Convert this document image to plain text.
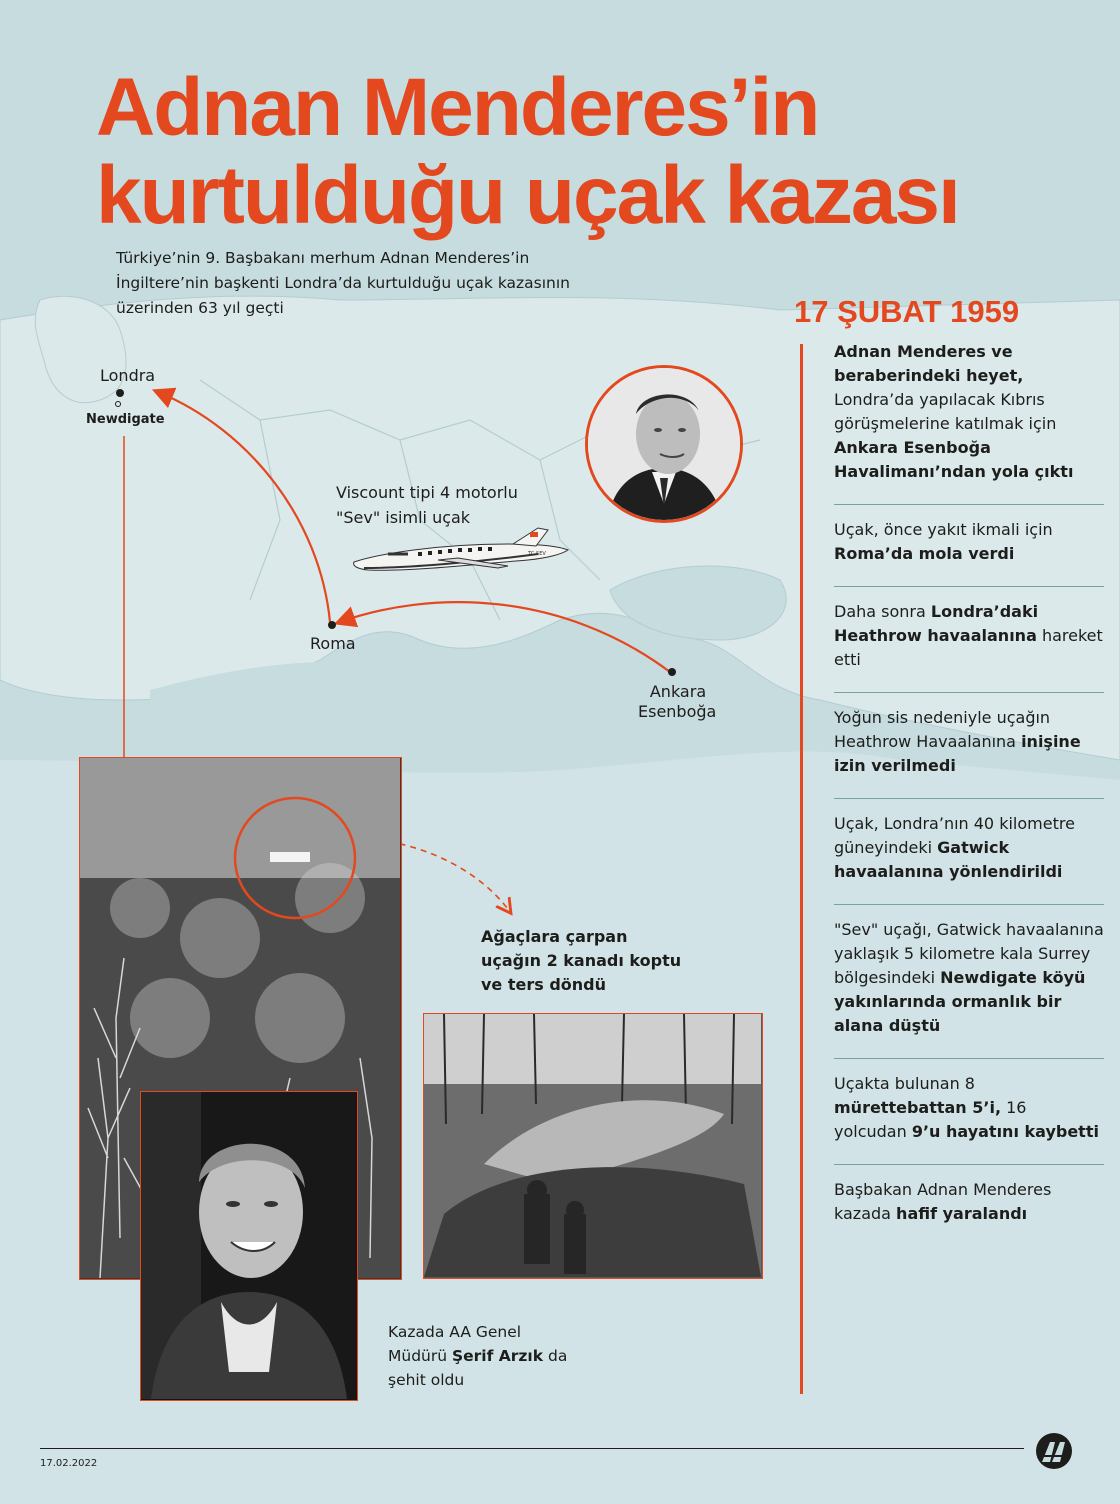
Adnan Menderes’in
kurtulduğu uçak kazası
Türkiye’nin 9. Başbakanı merhum Adnan Menderes’in
İngiltere’nin başkenti Londra’da kurtulduğu uçak kazasının
üzerinden 63 yıl geçti	17 ŞUBAT 1959
Londra
Newdigate
Roma
Ankara
Esenboğa
Viscount tipi 4 motorlu
"Sev" isimli uçak
TC-SEV
Ağaçlara çarpan
uçağın 2 kanadı koptu
ve ters döndü
Kazada AA Genel
Müdürü Şerif Arzık da
şehit oldu
Adnan Menderes ve beraberindeki heyet, Londra’da yapılacak Kıbrıs görüşmelerine katılmak için Ankara Esenboğa Havalimanı’ndan yola çıktı
Uçak, önce yakıt ikmali için Roma’da mola verdi
Daha sonra Londra’daki Heathrow havaalanına hareket etti
Yoğun sis nedeniyle uçağın Heathrow Havaalanına inişine izin verilmedi
Uçak, Londra’nın 40 kilometre güneyindeki Gatwick havaalanına yönlendirildi
"Sev" uçağı, Gatwick havaalanına yaklaşık 5 kilometre kala Surrey bölgesindeki Newdigate köyü yakınlarında ormanlık bir alana düştü
Uçakta bulunan 8 mürettebattan 5’i, 16 yolcudan 9’u hayatını kaybetti
Başbakan Adnan Menderes kazada hafif yaralandı
17.02.2022
